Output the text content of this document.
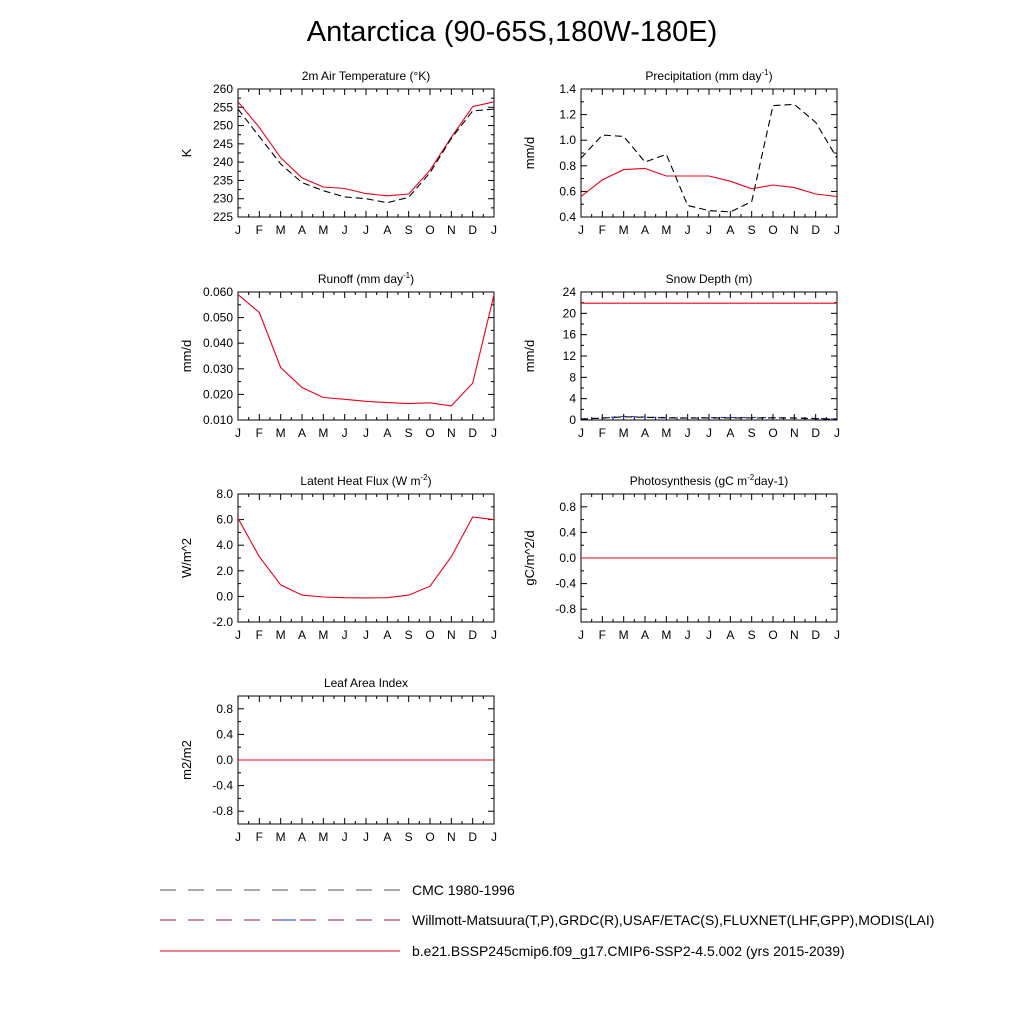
Antarctica (90-65S,180W-180E)
J F M A M J J A S O N D J
225
230
235
240
245
250
255
260
2m Air Temperature (°K)
K
J F M A M J J A S O N D J
0.4
0.6
0.8
1.0
1.2
1.4
Precipitation (mm day$^{-1}$)
mm/d
J F M A M J J A S O N D J
0.010
0.020
0.030
0.040
0.050
0.060
Runoff (mm day$^{-1}$)
mm/d
J F M A M J J A S O N D J
0
4
8
12
16
20
24
Snow Depth (m)
mm/d
J F M A M J J A S O N D J
-2.0
0.0
2.0
4.0
6.0
8.0
Latent Heat Flux (W $m^{-2}$)
W/m^2
J F M A M J J A S O N D J
-0.8
-0.4
0.0
0.4
0.8
Photosynthesis (gC $m^{-2}day-1$)
gC/m^2/d
J F M A M J J A S O N D J
-0.8
-0.4
0.0
0.4
0.8
Leaf Area Index
m2/m2
CMC 1980-1996
Willmott-Matsuura(T,P),GRDC(R),USAF/ETAC(S),FLUXNET(LHF,GPP),MODIS(LAI)
b.e21.BSSP245cmip6.f09_g17.CMIP6-SSP2-4.5.002 (yrs 2015-2039)
